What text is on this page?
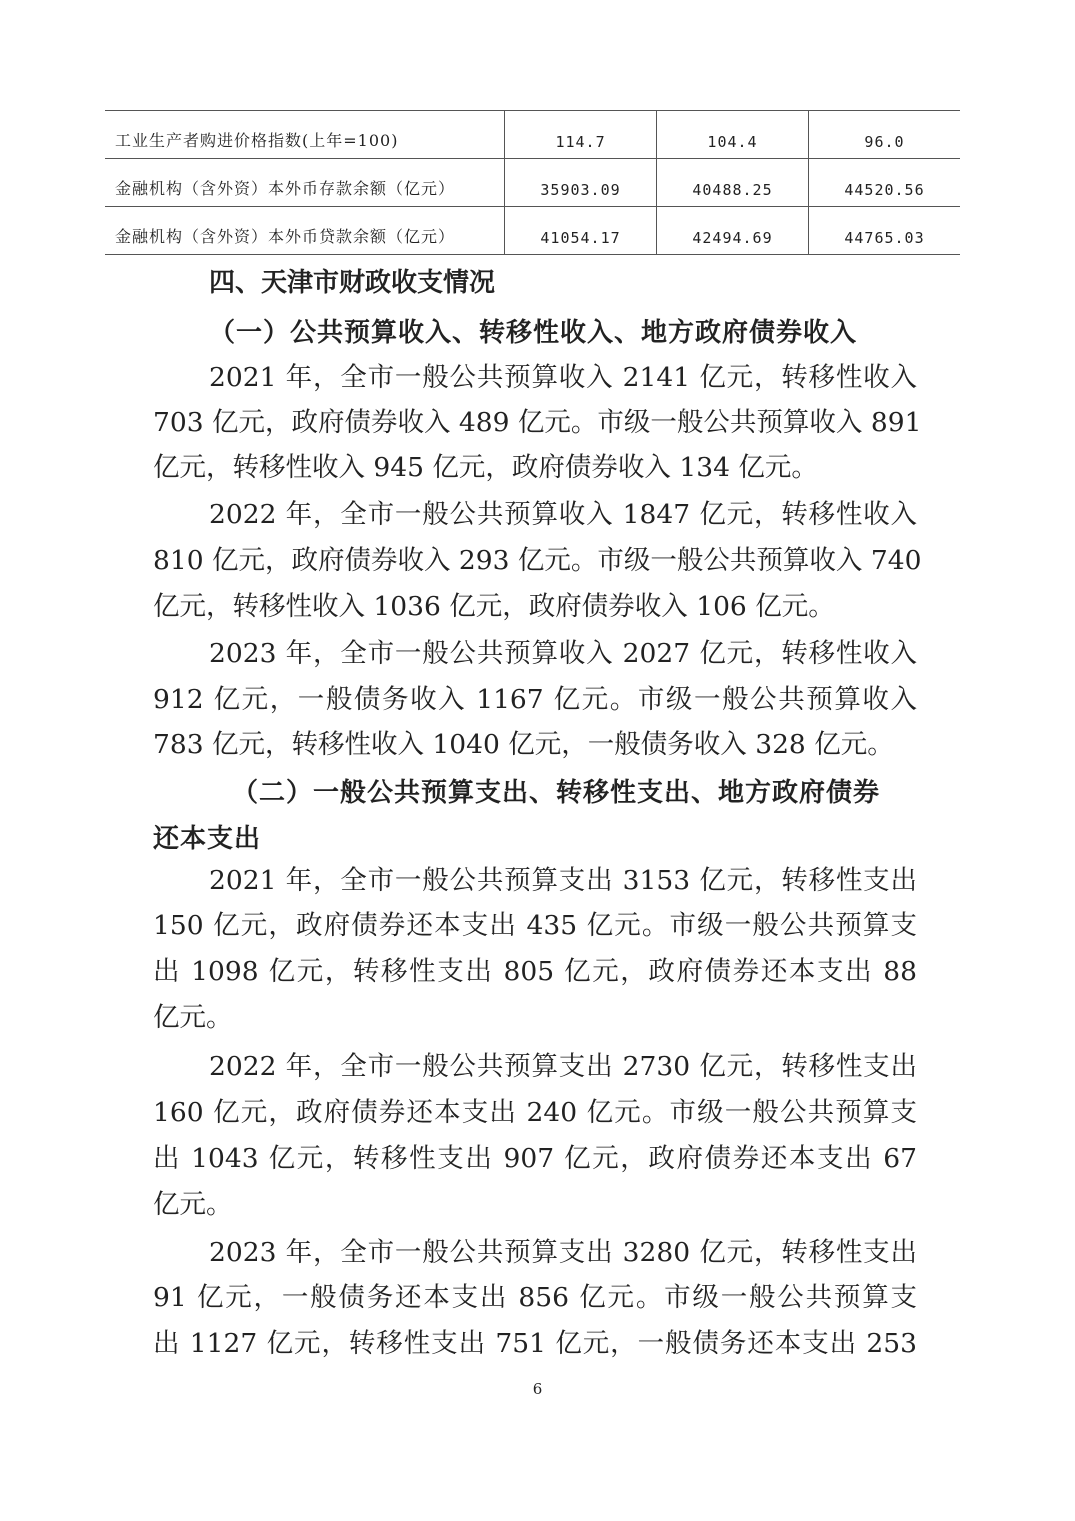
工业生产者购进价格指数(上年=100)	114.7	104.4	96.0
金融机构（含外资）本外币存款余额（亿元）	35903.09	40488.25	44520.56
金融机构（含外资）本外币贷款余额（亿元）	41054.17	42494.69	44765.03
四、天津市财政收支情况
（一）公共预算收入、转移性收入、地方政府债券收入
2021 年，全市一般公共预算收入 2141 亿元，转移性收入
703 亿元，政府债券收入 489 亿元。市级一般公共预算收入 891
亿元，转移性收入 945 亿元，政府债券收入 134 亿元。
2022 年，全市一般公共预算收入 1847 亿元，转移性收入
810 亿元，政府债券收入 293 亿元。市级一般公共预算收入 740
亿元，转移性收入 1036 亿元，政府债券收入 106 亿元。
2023 年，全市一般公共预算收入 2027 亿元，转移性收入
912 亿元，一般债务收入 1167 亿元。市级一般公共预算收入
783 亿元，转移性收入 1040 亿元，一般债务收入 328 亿元。
（二）一般公共预算支出、转移性支出、地方政府债券
还本支出
2021 年，全市一般公共预算支出 3153 亿元，转移性支出
150 亿元，政府债券还本支出 435 亿元。市级一般公共预算支
出 1098 亿元，转移性支出 805 亿元，政府债券还本支出 88
亿元。
2022 年，全市一般公共预算支出 2730 亿元，转移性支出
160 亿元，政府债券还本支出 240 亿元。市级一般公共预算支
出 1043 亿元，转移性支出 907 亿元，政府债券还本支出 67
亿元。
2023 年，全市一般公共预算支出 3280 亿元，转移性支出
91 亿元，一般债务还本支出 856 亿元。市级一般公共预算支
出 1127 亿元，转移性支出 751 亿元，一般债务还本支出 253
6
